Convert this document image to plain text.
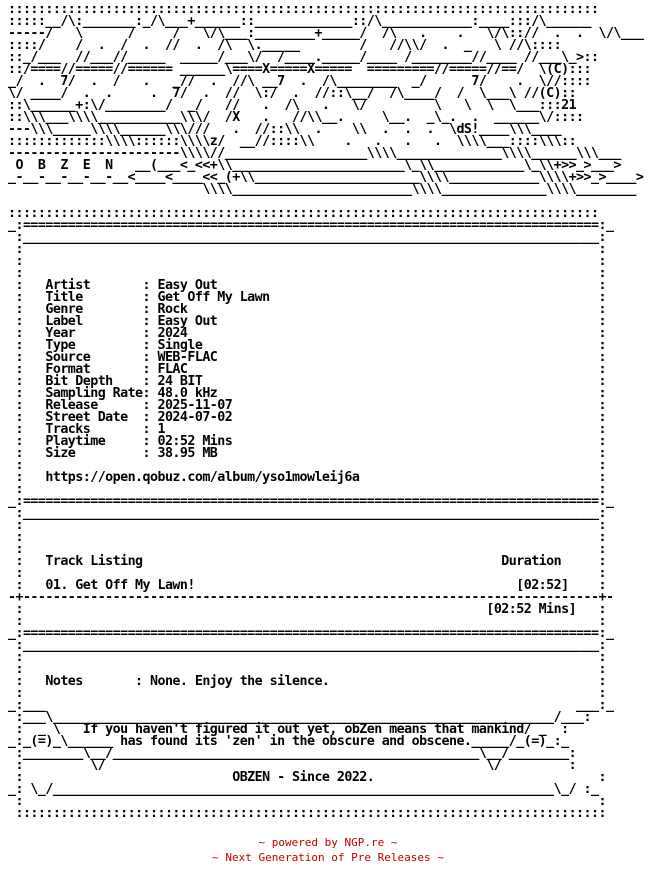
:::::::::::::::::::::::::::::::::::::::::::::::::::::::::::::::::::::::::::::::
:::::__/\:_______:_/\___+______::_____________::/\____________:____:::/\______
-----/   \      /     /   \/\___:________+_____/  /\   .    .   \/\:://  .  .  \/\___
::::/    /  .  /  .  //  .  /\  \._____        /   //\\/  .  _   \ //\::::
::_/___  //___//_____  _____/___\/  /____._____/____ /________//____ //___\_>::
::/====//=====//====== ______\====X=====X=====  =========//=====//==/  \(C):::
_/  .  7/  .  /   .   _//  .  //\ __7  .  /\________  _/      7/    .  \//::::
\/ ____/  .  .     .  7/  .  //  \:/  .  //::\__/  /\____/  /  \___\ //(C)::
::\______+:\/________/  _/   //   .  /\   .   \/         \   \  \  \___:::21
::\\\___\\\\___________\\\/  /X   .   //\\__.     \__.  _\_.  .  ______\/::::
---\\\_____\\\\______\\\///   .  //::\\  .    \\  .  .  .  \dS!____\\\____
:::::::::::::\\\\::::::\\\\z/  __//::::\\    .   .   .   .  \\\\___::::\\\::
-----------------------\\\\//___________________\\\\______________\\\\______\\\___
O  B  Z  E  N   __(___<_<<+\\_______________________\_\\____________\_\\+>>_>___>
_-__-__-__-__-__<____<____<<_(+\\______________________\\\\____________\\\\+>>_>____>
\\\\________________________\\\\______________\\\\________
:::::::::::::::::::::::::::::::::::::::::::::::::::::::::::::::::::::::::::::::
_:=============================================================================:_
:_____________________________________________________________________________:
:                                                                             :
:                                                                             :
:                                                                             :
:   Artist       : Easy Out                                                   :
:   Title        : Get Off My Lawn                                            :
:   Genre        : Rock                                                       :
:   Label        : Easy Out                                                   :
:   Year         : 2024                                                       :
:   Type         : Single                                                     :
:   Source       : WEB-FLAC                                                   :
:   Format       : FLAC                                                       :
:   Bit Depth    : 24 BIT                                                     :
:   Sampling Rate: 48.0 kHz                                                   :
:   Release      : 2025-11-07                                                 :
:   Street Date  : 2024-07-02                                                 :
:   Tracks       : 1                                                          :
:   Playtime     : 02:52 Mins                                                 :
:   Size         : 38.95 MB                                                   :
:                                                                             :
:   https://open.qobuz.com/album/yso1mowleij6a                                :
:                                                                             :
_:=============================================================================:_
:_____________________________________________________________________________:
:                                                                             :
:                                                                             :
:                                                                             :
:   Track Listing                                                Duration     :
:                                                                             :
:   01. Get Off My Lawn!                                           [02:52]    :
-+-----------------------------------------------------------------------------+-
:                                                              [02:52 Mins]   :
:                                                                             :
_:=============================================================================:_
:_____________________________________________________________________________:
:                                                                             :
:                                                                             :
:   Notes       : None. Enjoy the silence.                                    :
:                                                                             :
_:___                                                                       ___:_
:___\___________________________________________________________________/___:
:  _ \   If you haven't figured it out yet, obZen means that mankind/ _  :
_:_(=)_\______ has found its 'zen' in the obscure and obscene._____/_(=)_:_
:________\__/_________________________________________________\__/________:
:         \/                                                   \/         :
:                            OBZEN - Since 2022.                              :
_: \_/___________________________________________________________________\_/ :_
:                                                                             :
:::::::::::::::::::::::::::::::::::::::::::::::::::::::::::::::::::::::::::::::
~ powered by NGP.re ~
~ Next Generation of Pre Releases ~
